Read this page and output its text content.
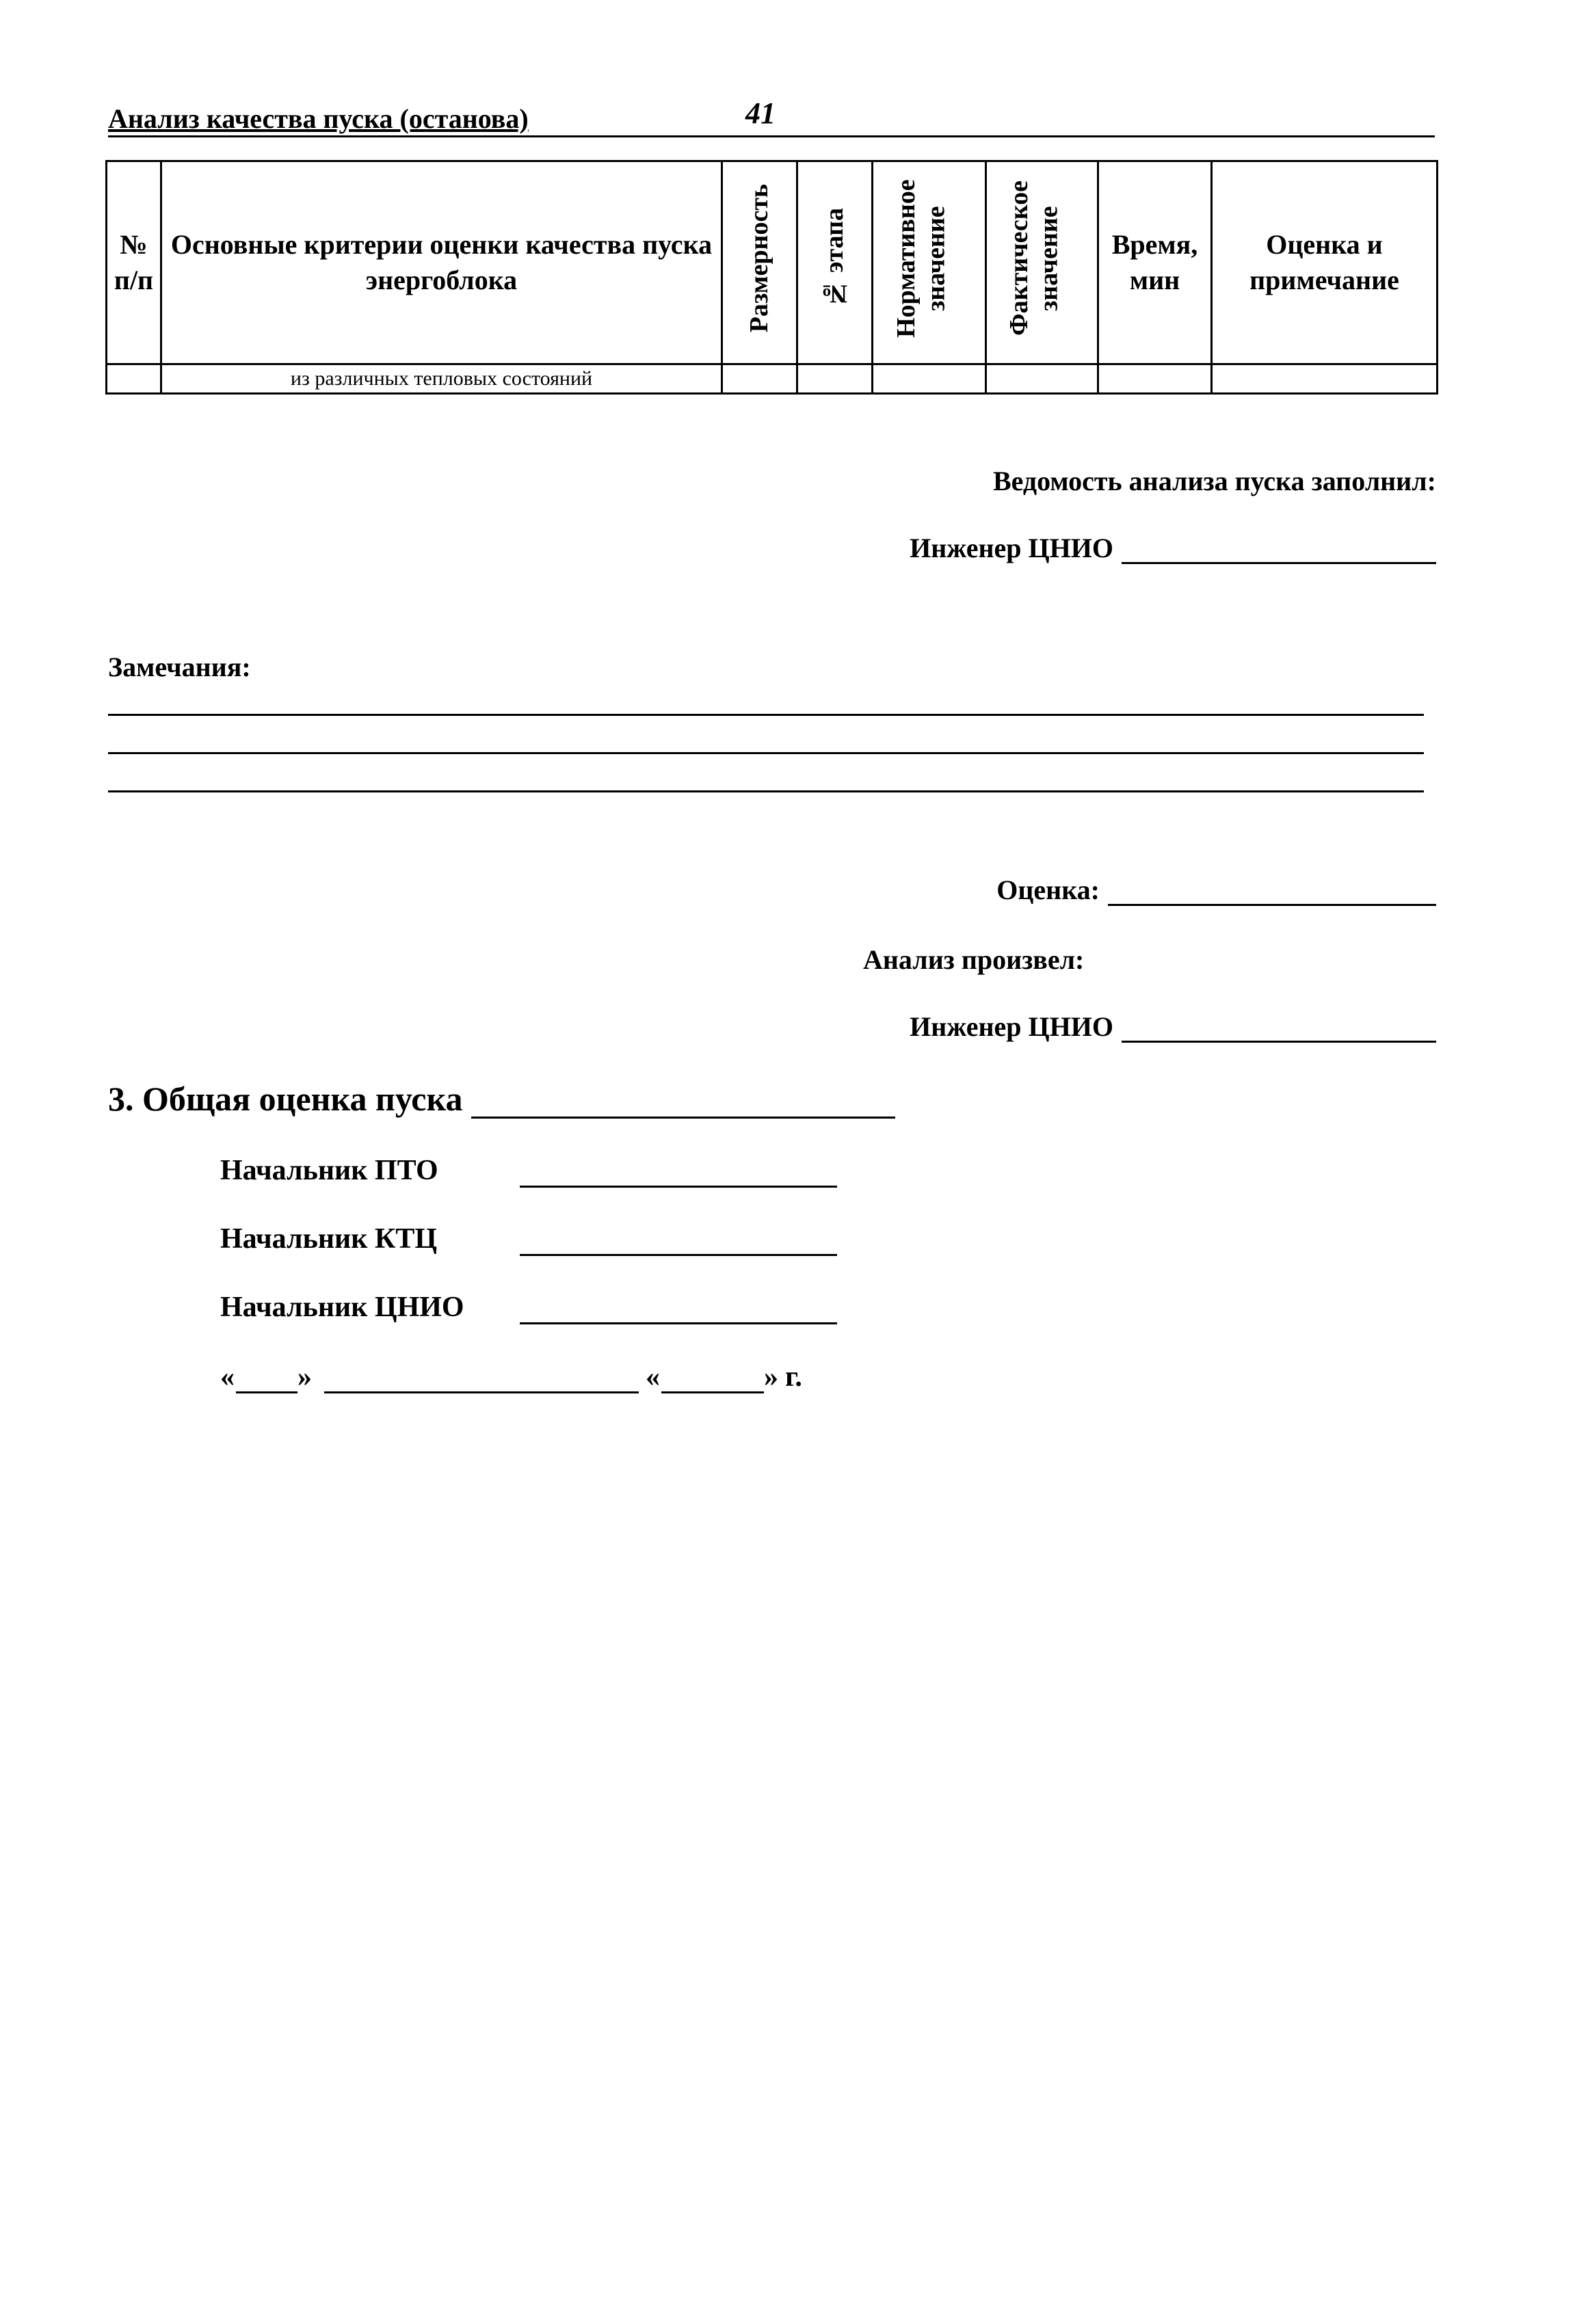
Анализ качества пуска (останова)	41
№ п/п	Основные критерии оценки качества пуска энергоблока	Размерность	№ этапа	Нормативное значение	Фактическое значение	Время, мин	Оценка и примечание
	из различных тепловых состояний						
Ведомость анализа пуска заполнил:
Инженер ЦНИО
Замечания:
Оценка:
Анализ произвел:
Инженер ЦНИО
3. Общая оценка пуска
Начальник ПТО
Начальник КТЦ
Начальник ЦНИО
« »	«	» г.
